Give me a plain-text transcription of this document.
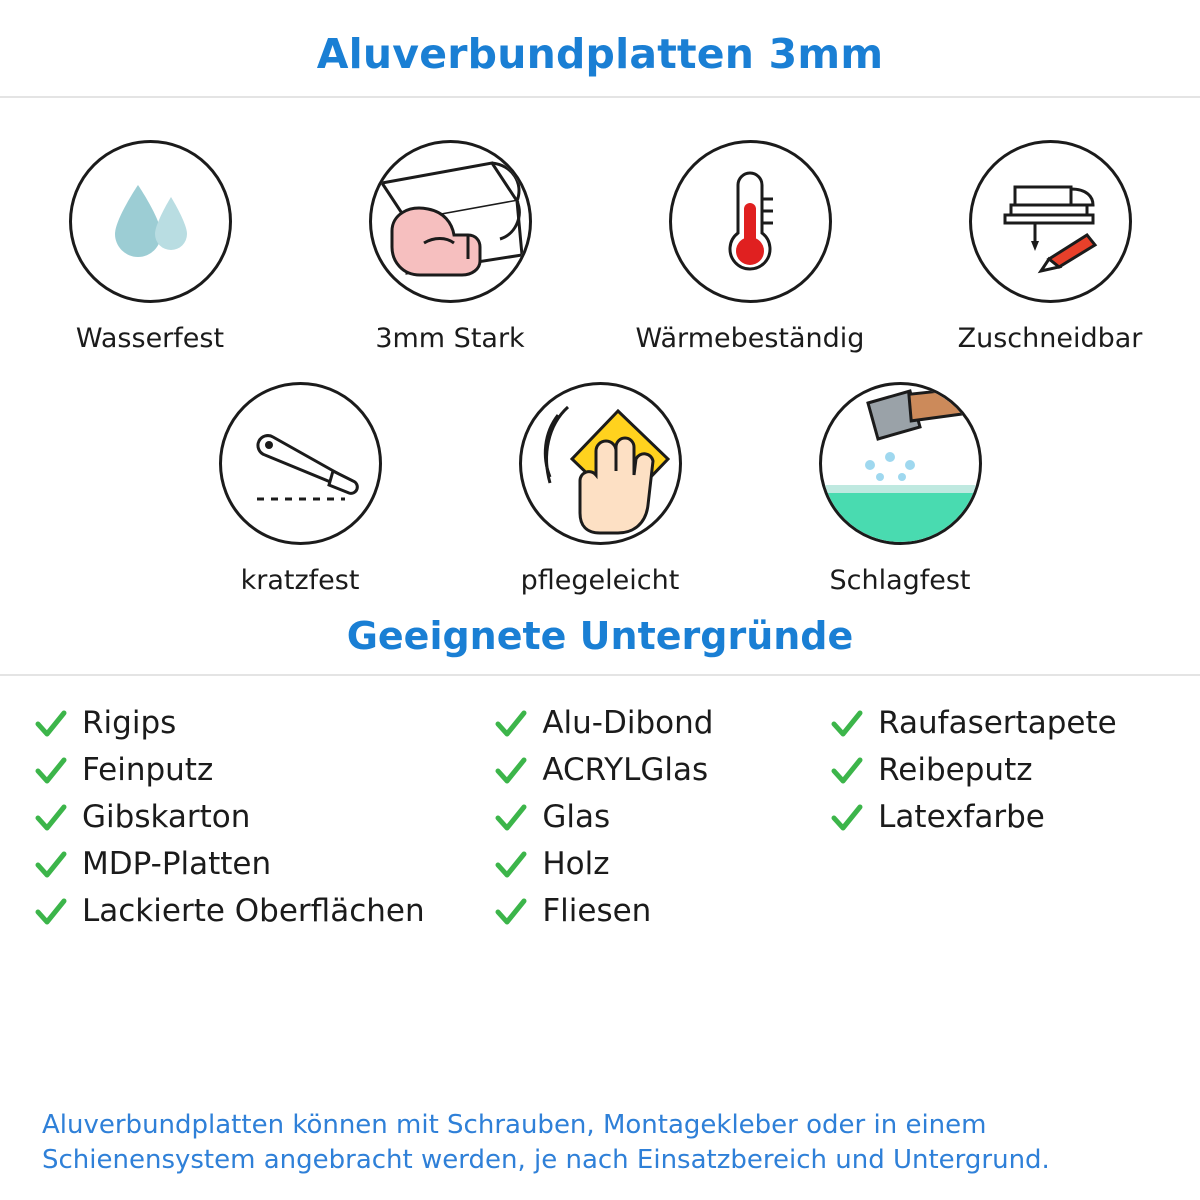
Aluverbundplatten 3mm
Wasserfest	3mm Stark	Wärmebeständig	Zuschneidbar
kratzfest	pflegeleicht	Schlagfest
Geeignete Untergründe
Rigips
Feinputz
Gibskarton
MDP-Platten
Lackierte Oberflächen
Alu-Dibond
ACRYLGlas
Glas
Holz
Fliesen
Raufasertapete
Reibeputz
Latexfarbe
Aluverbundplatten können mit Schrauben, Montagekleber oder in einem Schienensystem angebracht werden, je nach Einsatzbereich und Untergrund.
